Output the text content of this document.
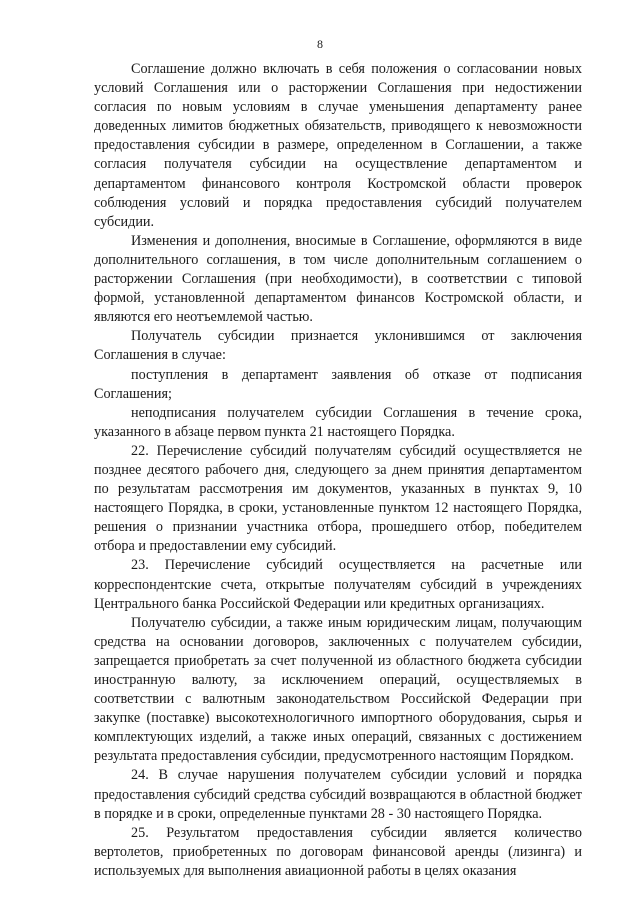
8

Соглашение должно включать в себя положения о согласовании новых условий Соглашения или о расторжении Соглашения при недостижении согласия по новым условиям в случае уменьшения департаменту ранее доведенных лимитов бюджетных обязательств, приводящего к невозможности предоставления субсидии в размере, определенном в Соглашении, а также согласия получателя субсидии на осуществление департаментом и департаментом финансового контроля Костромской области проверок соблюдения условий и порядка предоставления субсидий получателем субсидии.

Изменения и дополнения, вносимые в Соглашение, оформляются в виде дополнительного соглашения, в том числе дополнительным соглашением о расторжении Соглашения (при необходимости), в соответствии с типовой формой, установленной департаментом финансов Костромской области, и являются его неотъемлемой частью.

Получатель субсидии признается уклонившимся от заключения Соглашения в случае:

поступления в департамент заявления об отказе от подписания Соглашения;

неподписания получателем субсидии Соглашения в течение срока, указанного в абзаце первом пункта 21 настоящего Порядка.

22. Перечисление субсидий получателям субсидий осуществляется не позднее десятого рабочего дня, следующего за днем принятия департаментом по результатам рассмотрения им документов, указанных в пунктах 9, 10 настоящего Порядка, в сроки, установленные пунктом 12 настоящего Порядка, решения о признании участника отбора, прошедшего отбор, победителем отбора и предоставлении ему субсидий.

23. Перечисление субсидий осуществляется на расчетные или корреспондентские счета, открытые получателям субсидий в учреждениях Центрального банка Российской Федерации или кредитных организациях.

Получателю субсидии, а также иным юридическим лицам, получающим средства на основании договоров, заключенных с получателем субсидии, запрещается приобретать за счет полученной из областного бюджета субсидии иностранную валюту, за исключением операций, осуществляемых в соответствии с валютным законодательством Российской Федерации при закупке (поставке) высокотехнологичного импортного оборудования, сырья и комплектующих изделий, а также иных операций, связанных с достижением результата предоставления субсидии, предусмотренного настоящим Порядком.

24. В случае нарушения получателем субсидии условий и порядка предоставления субсидий средства субсидий возвращаются в областной бюджет в порядке и в сроки, определенные пунктами 28 - 30 настоящего Порядка.

25. Результатом предоставления субсидии является количество вертолетов, приобретенных по договорам финансовой аренды (лизинга) и используемых для выполнения авиационной работы в целях оказания
